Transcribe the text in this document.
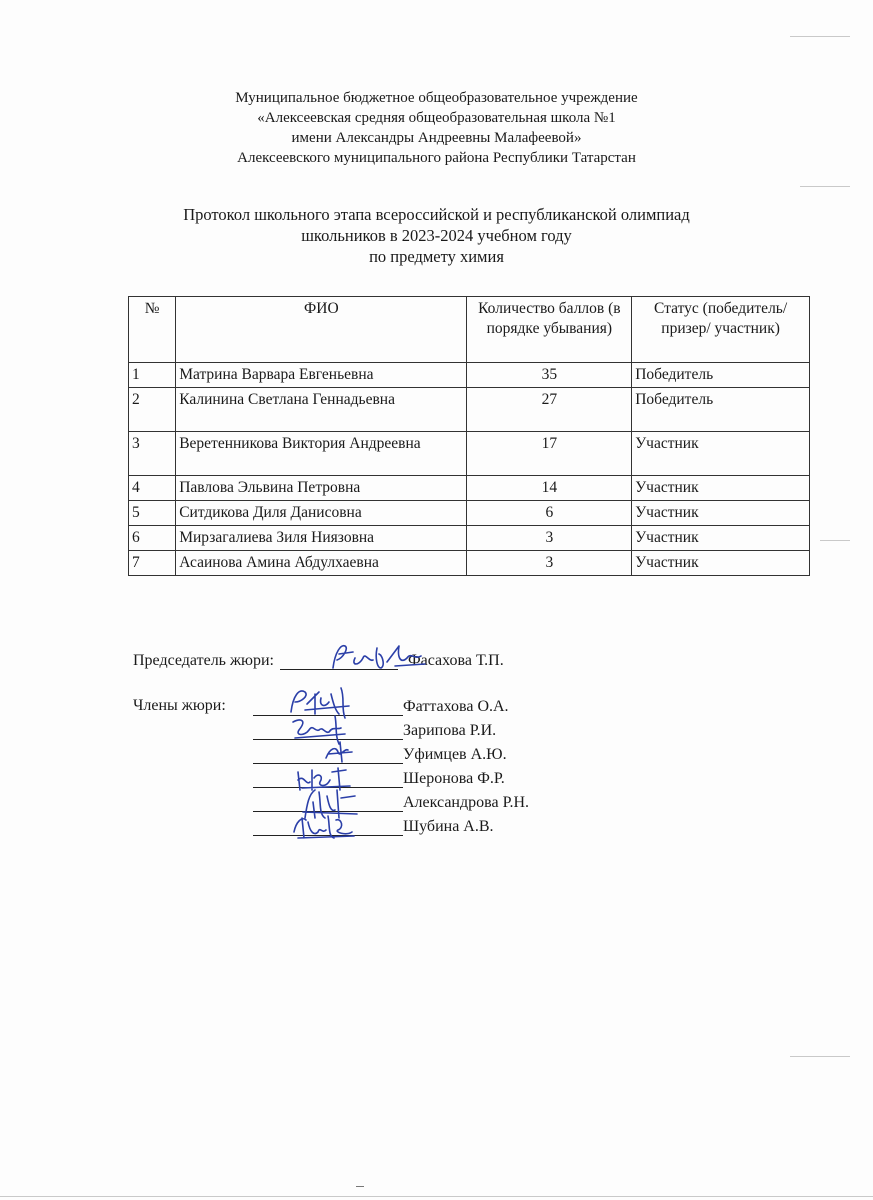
Муниципальное бюджетное общеобразовательное учреждение
«Алексеевская средняя общеобразовательная школа №1
имени Александры Андреевны Малафеевой»
Алексеевского муниципального района Республики Татарстан
Протокол школьного этапа всероссийской и республиканской олимпиад
школьников в 2023-2024 учебном году
по предмету химия
№	ФИО	Количество баллов (в порядке убывания)	Статус (победитель/ призер/ участник)
1	Матрина Варвара Евгеньевна	35	Победитель
2	Калинина Светлана Геннадьевна	27	Победитель
3	Веретенникова Виктория Андреевна	17	Участник
4	Павлова Эльвина Петровна	14	Участник
5	Ситдикова Диля Данисовна	6	Участник
6	Мирзагалиева Зиля Ниязовна	3	Участник
7	Асаинова Амина Абдулхаевна	3	Участник
Председатель жюри:	Фасахова Т.П.
Члены жюри:	Фаттахова О.А.
Зарипова Р.И.
Уфимцев А.Ю.
Шеронова Ф.Р.
Александрова Р.Н.
Шубина А.В.
